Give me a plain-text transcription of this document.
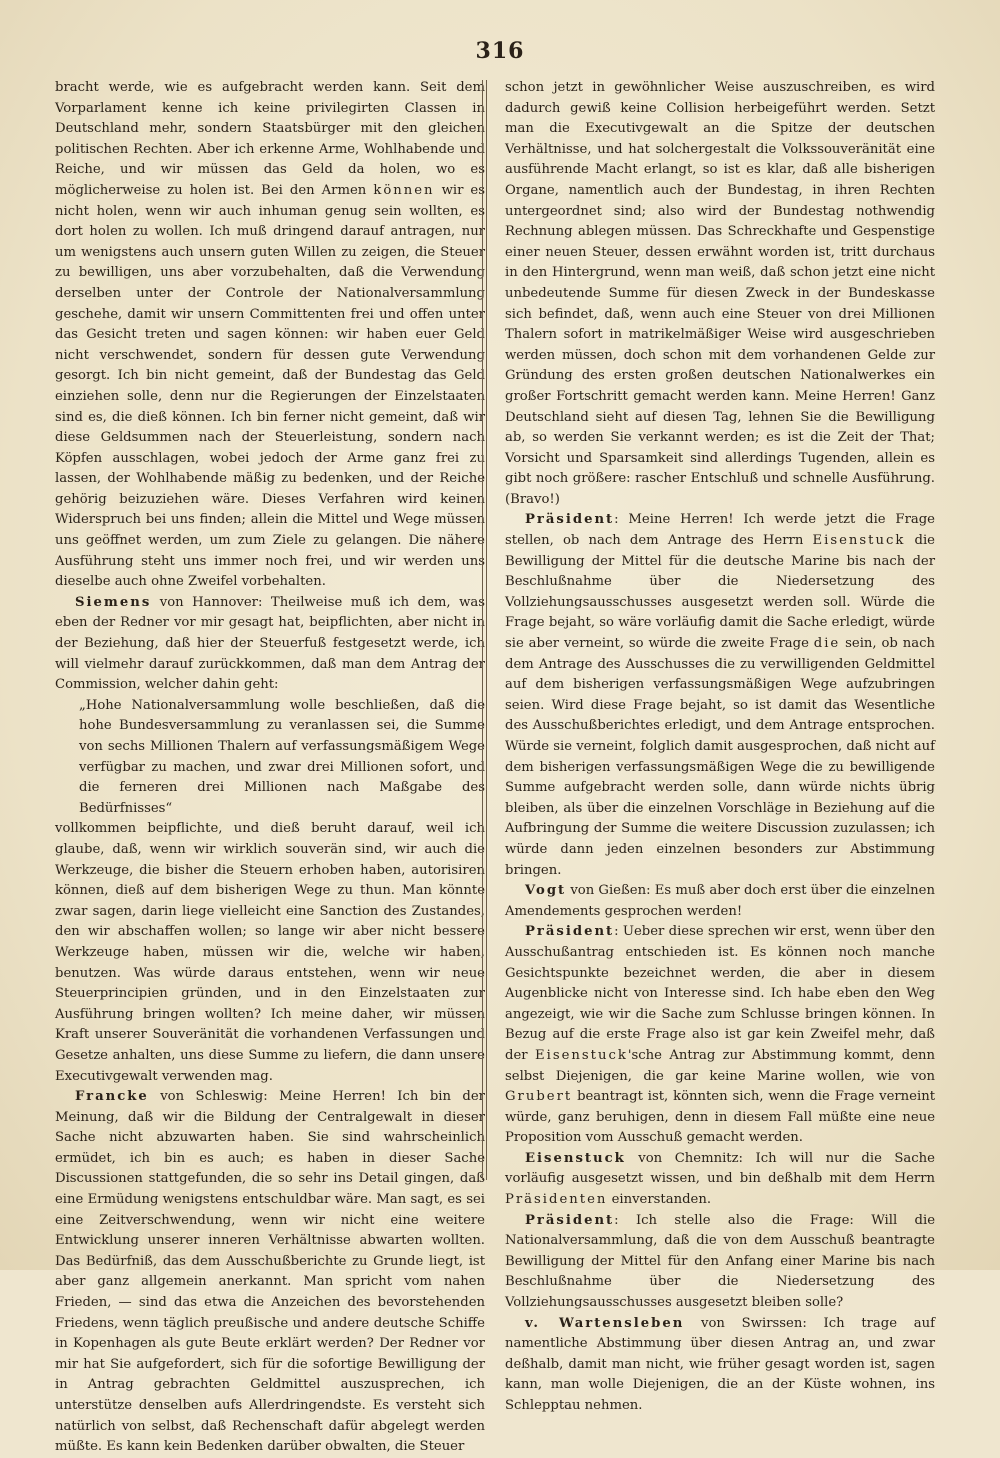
316

bracht werde, wie es aufgebracht werden kann. Seit dem Vorparlament kenne ich keine privilegirten Classen in Deutschland mehr, sondern Staatsbürger mit den gleichen politischen Rechten. Aber ich erkenne Arme, Wohlhabende und Reiche, und wir müssen das Geld da holen, wo es möglicherweise zu holen ist. Bei den Armen können wir es nicht holen, wenn wir auch inhuman genug sein wollten, es dort holen zu wollen. Ich muß dringend darauf antragen, nur um wenigstens auch unsern guten Willen zu zeigen, die Steuer zu bewilligen, uns aber vorzubehalten, daß die Verwendung derselben unter der Controle der Nationalversammlung geschehe, damit wir unsern Committenten frei und offen unter das Gesicht treten und sagen können: wir haben euer Geld nicht verschwendet, sondern für dessen gute Verwendung gesorgt. Ich bin nicht gemeint, daß der Bundestag das Geld einziehen solle, denn nur die Regierungen der Einzelstaaten sind es, die dieß können. Ich bin ferner nicht gemeint, daß wir diese Geldsummen nach der Steuerleistung, sondern nach Köpfen ausschlagen, wobei jedoch der Arme ganz frei zu lassen, der Wohlhabende mäßig zu bedenken, und der Reiche gehörig beizuziehen wäre. Dieses Verfahren wird keinen Widerspruch bei uns finden; allein die Mittel und Wege müssen uns geöffnet werden, um zum Ziele zu gelangen. Die nähere Ausführung steht uns immer noch frei, und wir werden uns dieselbe auch ohne Zweifel vorbehalten.

Siemens von Hannover: Theilweise muß ich dem, was eben der Redner vor mir gesagt hat, beipflichten, aber nicht in der Beziehung, daß hier der Steuerfuß festgesetzt werde, ich will vielmehr darauf zurückkommen, daß man dem Antrag der Commission, welcher dahin geht:

„Hohe Nationalversammlung wolle beschließen, daß die hohe Bundesversammlung zu veranlassen sei, die Summe von sechs Millionen Thalern auf verfassungsmäßigem Wege verfügbar zu machen, und zwar drei Millionen sofort, und die ferneren drei Millionen nach Maßgabe des Bedürfnisses“

vollkommen beipflichte, und dieß beruht darauf, weil ich glaube, daß, wenn wir wirklich souverän sind, wir auch die Werkzeuge, die bisher die Steuern erhoben haben, autorisiren können, dieß auf dem bisherigen Wege zu thun. Man könnte zwar sagen, darin liege vielleicht eine Sanction des Zustandes, den wir abschaffen wollen; so lange wir aber nicht bessere Werkzeuge haben, müssen wir die, welche wir haben, benutzen. Was würde daraus entstehen, wenn wir neue Steuerprincipien gründen, und in den Einzelstaaten zur Ausführung bringen wollten? Ich meine daher, wir müssen Kraft unserer Souveränität die vorhandenen Verfassungen und Gesetze anhalten, uns diese Summe zu liefern, die dann unsere Executivgewalt verwenden mag.

Francke von Schleswig: Meine Herren! Ich bin der Meinung, daß wir die Bildung der Centralgewalt in dieser Sache nicht abzuwarten haben. Sie sind wahrscheinlich ermüdet, ich bin es auch; es haben in dieser Sache Discussionen stattgefunden, die so sehr ins Detail gingen, daß eine Ermüdung wenigstens entschuldbar wäre. Man sagt, es sei eine Zeitverschwendung, wenn wir nicht eine weitere Entwicklung unserer inneren Verhältnisse abwarten wollten. Das Bedürfniß, das dem Ausschußberichte zu Grunde liegt, ist aber ganz allgemein anerkannt. Man spricht vom nahen Frieden, — sind das etwa die Anzeichen des bevorstehenden Friedens, wenn täglich preußische und andere deutsche Schiffe in Kopenhagen als gute Beute erklärt werden? Der Redner vor mir hat Sie aufgefordert, sich für die sofortige Bewilligung der in Antrag gebrachten Geldmittel auszusprechen, ich unterstütze denselben aufs Allerdringendste. Es versteht sich natürlich von selbst, daß Rechenschaft dafür abgelegt werden müßte. Es kann kein Bedenken darüber obwalten, die Steuer

schon jetzt in gewöhnlicher Weise auszuschreiben, es wird dadurch gewiß keine Collision herbeigeführt werden. Setzt man die Executivgewalt an die Spitze der deutschen Verhältnisse, und hat solchergestalt die Volkssouveränität eine ausführende Macht erlangt, so ist es klar, daß alle bisherigen Organe, namentlich auch der Bundestag, in ihren Rechten untergeordnet sind; also wird der Bundestag nothwendig Rechnung ablegen müssen. Das Schreckhafte und Gespenstige einer neuen Steuer, dessen erwähnt worden ist, tritt durchaus in den Hintergrund, wenn man weiß, daß schon jetzt eine nicht unbedeutende Summe für diesen Zweck in der Bundeskasse sich befindet, daß, wenn auch eine Steuer von drei Millionen Thalern sofort in matrikelmäßiger Weise wird ausgeschrieben werden müssen, doch schon mit dem vorhandenen Gelde zur Gründung des ersten großen deutschen Nationalwerkes ein großer Fortschritt gemacht werden kann. Meine Herren! Ganz Deutschland sieht auf diesen Tag, lehnen Sie die Bewilligung ab, so werden Sie verkannt werden; es ist die Zeit der That; Vorsicht und Sparsamkeit sind allerdings Tugenden, allein es gibt noch größere: rascher Entschluß und schnelle Ausführung. (Bravo!)

Präsident: Meine Herren! Ich werde jetzt die Frage stellen, ob nach dem Antrage des Herrn Eisenstuck die Bewilligung der Mittel für die deutsche Marine bis nach der Beschlußnahme über die Niedersetzung des Vollziehungsausschusses ausgesetzt werden soll. Würde die Frage bejaht, so wäre vorläufig damit die Sache erledigt, würde sie aber verneint, so würde die zweite Frage die sein, ob nach dem Antrage des Ausschusses die zu verwilligenden Geldmittel auf dem bisherigen verfassungsmäßigen Wege aufzubringen seien. Wird diese Frage bejaht, so ist damit das Wesentliche des Ausschußberichtes erledigt, und dem Antrage entsprochen. Würde sie verneint, folglich damit ausgesprochen, daß nicht auf dem bisherigen verfassungsmäßigen Wege die zu bewilligende Summe aufgebracht werden solle, dann würde nichts übrig bleiben, als über die einzelnen Vorschläge in Beziehung auf die Aufbringung der Summe die weitere Discussion zuzulassen; ich würde dann jeden einzelnen besonders zur Abstimmung bringen.

Vogt von Gießen: Es muß aber doch erst über die einzelnen Amendements gesprochen werden!

Präsident: Ueber diese sprechen wir erst, wenn über den Ausschußantrag entschieden ist. Es können noch manche Gesichtspunkte bezeichnet werden, die aber in diesem Augenblicke nicht von Interesse sind. Ich habe eben den Weg angezeigt, wie wir die Sache zum Schlusse bringen können. In Bezug auf die erste Frage also ist gar kein Zweifel mehr, daß der Eisenstuck'sche Antrag zur Abstimmung kommt, denn selbst Diejenigen, die gar keine Marine wollen, wie von Grubert beantragt ist, könnten sich, wenn die Frage verneint würde, ganz beruhigen, denn in diesem Fall müßte eine neue Proposition vom Ausschuß gemacht werden.

Eisenstuck von Chemnitz: Ich will nur die Sache vorläufig ausgesetzt wissen, und bin deßhalb mit dem Herrn Präsidenten einverstanden.

Präsident: Ich stelle also die Frage: Will die Nationalversammlung, daß die von dem Ausschuß beantragte Bewilligung der Mittel für den Anfang einer Marine bis nach Beschlußnahme über die Niedersetzung des Vollziehungsausschusses ausgesetzt bleiben solle?

v. Wartensleben von Swirssen: Ich trage auf namentliche Abstimmung über diesen Antrag an, und zwar deßhalb, damit man nicht, wie früher gesagt worden ist, sagen kann, man wolle Diejenigen, die an der Küste wohnen, ins Schlepptau nehmen.
